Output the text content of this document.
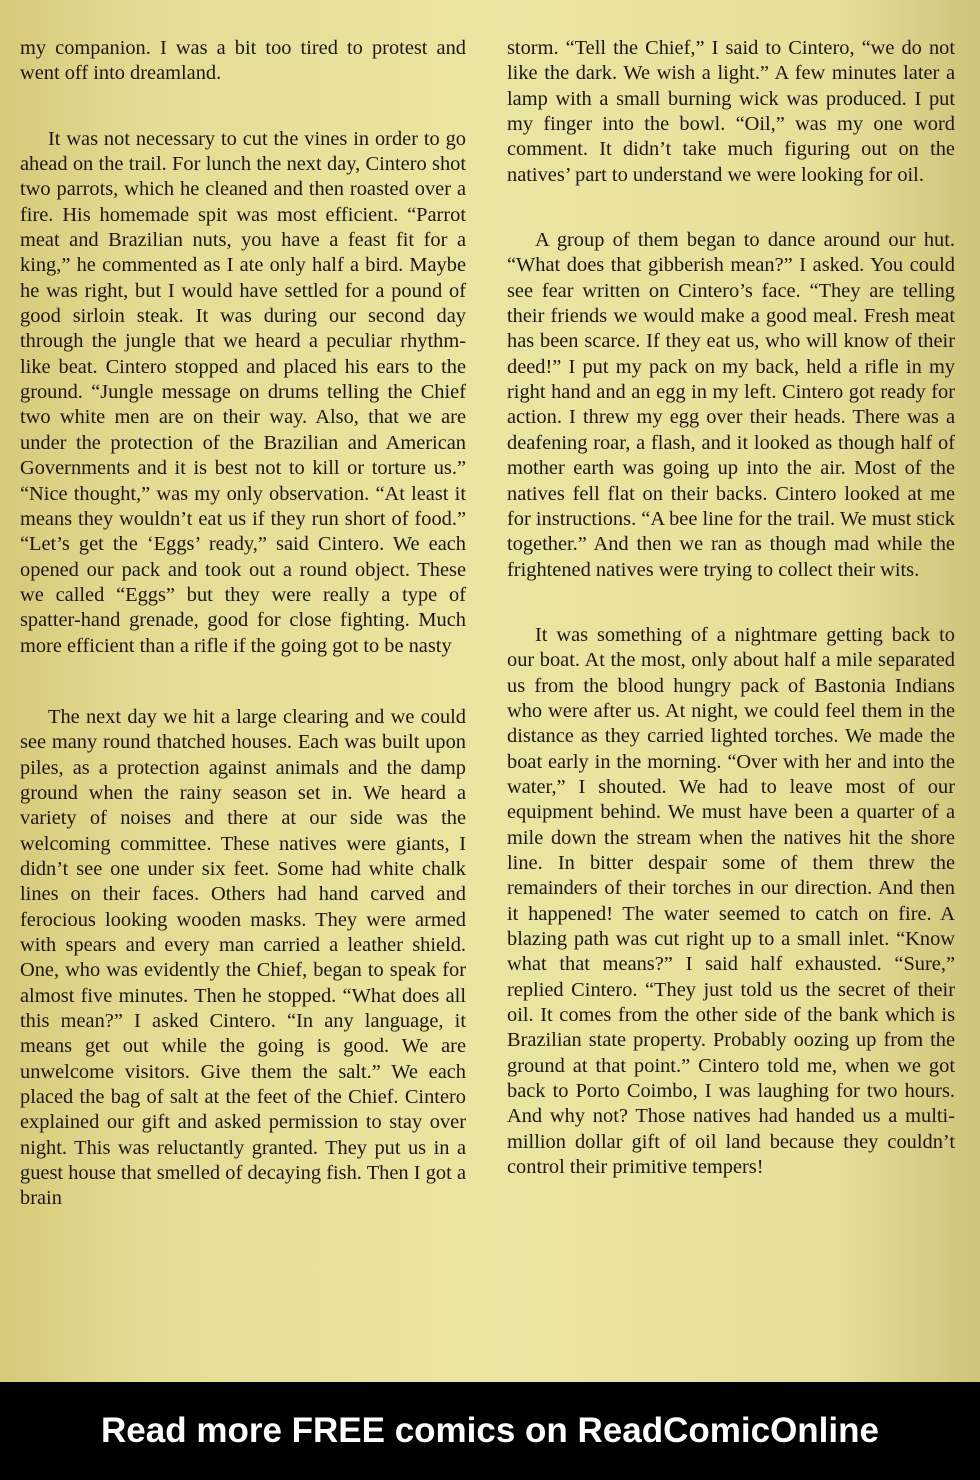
my companion. I was a bit too tired to protest and went off into dreamland.

It was not necessary to cut the vines in order to go ahead on the trail. For lunch the next day, Cintero shot two parrots, which he cleaned and then roasted over a fire. His homemade spit was most efficient. “Parrot meat and Brazilian nuts, you have a feast fit for a king,” he commented as I ate only half a bird. Maybe he was right, but I would have settled for a pound of good sirloin steak. It was during our second day through the jungle that we heard a peculiar rhythm-like beat. Cintero stopped and placed his ears to the ground. “Jungle message on drums telling the Chief two white men are on their way. Also, that we are under the protection of the Brazilian and American Governments and it is best not to kill or torture us.” “Nice thought,” was my only observation. “At least it means they wouldn’t eat us if they run short of food.” “Let’s get the ‘Eggs’ ready,” said Cintero. We each opened our pack and took out a round object. These we called “Eggs” but they were really a type of spatter-hand grenade, good for close fighting. Much more efficient than a rifle if the going got to be nasty

The next day we hit a large clearing and we could see many round thatched houses. Each was built upon piles, as a protection against animals and the damp ground when the rainy season set in. We heard a variety of noises and there at our side was the welcoming committee. These natives were giants, I didn’t see one under six feet. Some had white chalk lines on their faces. Others had hand carved and ferocious looking wooden masks. They were armed with spears and every man carried a leather shield. One, who was evidently the Chief, began to speak for almost five minutes. Then he stopped. “What does all this mean?” I asked Cintero. “In any language, it means get out while the going is good. We are unwelcome visitors. Give them the salt.” We each placed the bag of salt at the feet of the Chief. Cintero explained our gift and asked permission to stay over night. This was reluctantly granted. They put us in a guest house that smelled of decaying fish. Then I got a brain

storm. “Tell the Chief,” I said to Cintero, “we do not like the dark. We wish a light.” A few minutes later a lamp with a small burning wick was produced. I put my finger into the bowl. “Oil,” was my one word comment. It didn’t take much figuring out on the natives’ part to understand we were looking for oil.

A group of them began to dance around our hut. “What does that gibberish mean?” I asked. You could see fear written on Cintero’s face. “They are telling their friends we would make a good meal. Fresh meat has been scarce. If they eat us, who will know of their deed!” I put my pack on my back, held a rifle in my right hand and an egg in my left. Cintero got ready for action. I threw my egg over their heads. There was a deafening roar, a flash, and it looked as though half of mother earth was going up into the air. Most of the natives fell flat on their backs. Cintero looked at me for instructions. “A bee line for the trail. We must stick together.” And then we ran as though mad while the frightened natives were trying to collect their wits.

It was something of a nightmare getting back to our boat. At the most, only about half a mile separated us from the blood hungry pack of Bastonia Indians who were after us. At night, we could feel them in the distance as they carried lighted torches. We made the boat early in the morning. “Over with her and into the water,” I shouted. We had to leave most of our equipment behind. We must have been a quarter of a mile down the stream when the natives hit the shore line. In bitter despair some of them threw the remainders of their torches in our direction. And then it happened! The water seemed to catch on fire. A blazing path was cut right up to a small inlet. “Know what that means?” I said half exhausted. “Sure,” replied Cintero. “They just told us the secret of their oil. It comes from the other side of the bank which is Brazilian state property. Probably oozing up from the ground at that point.” Cintero told me, when we got back to Porto Coimbo, I was laughing for two hours. And why not? Those natives had handed us a multi-million dollar gift of oil land because they couldn’t control their primitive tempers!

Read more FREE comics on ReadComicOnline
